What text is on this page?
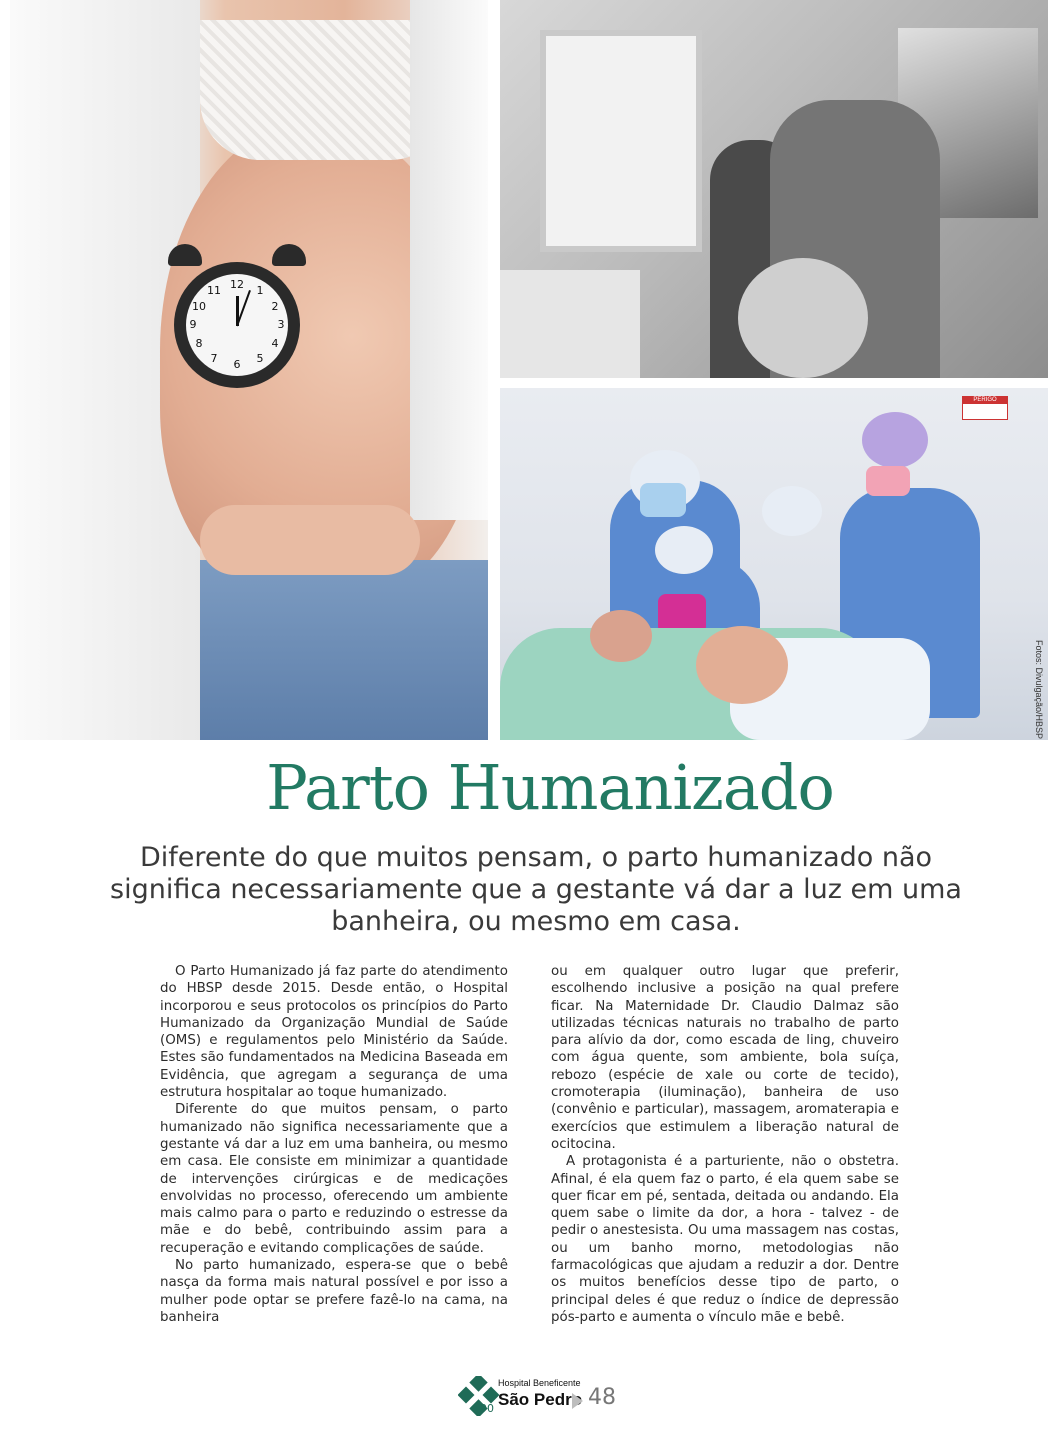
12	1
2
3
4
5
6
7
8
9
10
11
PERIGO
Fotos: Divulgação/HBSP
Parto Humanizado

Diferente do que muitos pensam, o parto humanizado não significa necessariamente que a gestante vá dar a luz em uma banheira, ou mesmo em casa.

O Parto Humanizado já faz parte do atendimento do HBSP desde 2015. Desde então, o Hospital incorporou e seus protocolos os princípios do Parto Humanizado da Organização Mundial de Saúde (OMS) e regulamentos pelo Ministério da Saúde. Estes são fundamentados na Medicina Baseada em Evidência, que agregam a segurança de uma estrutura hospitalar ao toque humanizado.

Diferente do que muitos pensam, o parto humanizado não significa necessariamente que a gestante vá dar a luz em uma banheira, ou mesmo em casa. Ele consiste em minimizar a quantidade de intervenções cirúrgicas e de medicações envolvidas no processo, oferecendo um ambiente mais calmo para o parto e reduzindo o estresse da mãe e do bebê, contribuindo assim para a recuperação e evitando complicações de saúde.

No parto humanizado, espera-se que o bebê nasça da forma mais natural possível e por isso a mulher pode optar se prefere fazê-lo na cama, na banheira

ou em qualquer outro lugar que preferir, escolhendo inclusive a posição na qual prefere ficar. Na Maternidade Dr. Claudio Dalmaz são utilizadas técnicas naturais no trabalho de parto para alívio da dor, como escada de ling, chuveiro com água quente, som ambiente, bola suíça, rebozo (espécie de xale ou corte de tecido), cromoterapia (iluminação), banheira de uso (convênio e particular), massagem, aromaterapia e exercícios que estimulem a liberação natural de ocitocina.

A protagonista é a parturiente, não o obstetra. Afinal, é ela quem faz o parto, é ela quem sabe se quer ficar em pé, sentada, deitada ou andando. Ela quem sabe o limite da dor, a hora - talvez - de pedir o anestesista. Ou uma massagem nas costas, ou um banho morno, metodologias não farmacológicas que ajudam a reduzir a dor. Dentre os muitos benefícios desse tipo de parto, o principal deles é que reduz o índice de depressão pós-parto e aumenta o vínculo mãe e bebê.

90
Hospital Beneficente
São Pedro 48
